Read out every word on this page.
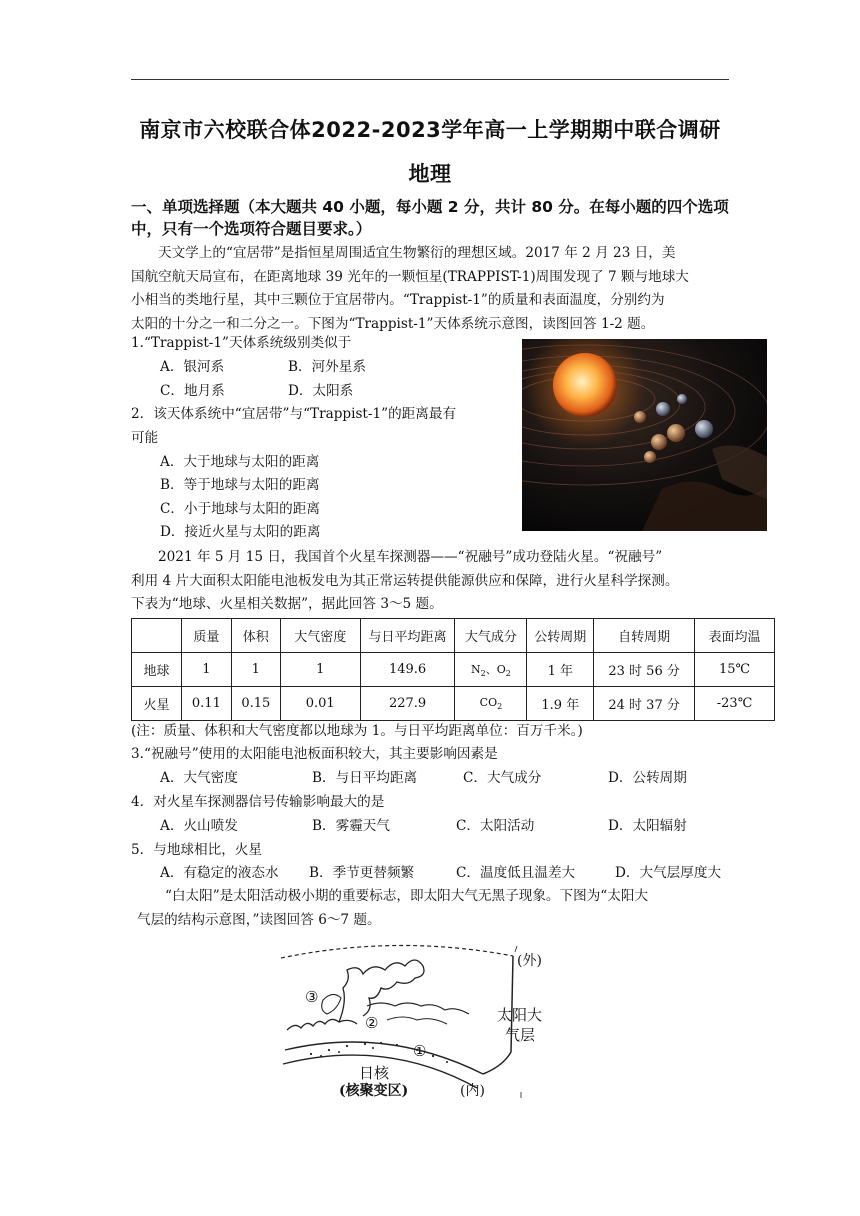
南京市六校联合体2022-2023学年高一上学期期中联合调研
地理
一、单项选择题（本大题共 40 小题，每小题 2 分，共计 80 分。在每小题的四个选项中，只有一个选项符合题目要求。）
天文学上的“宜居带”是指恒星周围适宜生物繁衍的理想区域。2017 年 2 月 23 日，美
国航空航天局宣布，在距离地球 39 光年的一颗恒星(TRAPPIST-1)周围发现了 7 颗与地球大
小相当的类地行星，其中三颗位于宜居带内。“Trappist-1”的质量和表面温度，分别约为
太阳的十分之一和二分之一。下图为“Trappist-1”天体系统示意图，读图回答 1-2 题。
1.“Trappist-1”天体系统级别类似于
A．银河系	B．河外星系
C．地月系	D．太阳系
2．该天体系统中“宜居带”与“Trappist-1”的距离最有
可能
A．大于地球与太阳的距离
B．等于地球与太阳的距离
C．小于地球与太阳的距离
D．接近火星与太阳的距离
2021 年 5 月 15 日，我国首个火星车探测器——“祝融号”成功登陆火星。“祝融号”
利用 4 片大面积太阳能电池板发电为其正常运转提供能源供应和保障，进行火星科学探测。
下表为“地球、火星相关数据”，据此回答 3～5 题。
	质量	体积	大气密度	与日平均距离	大气成分	公转周期	自转周期	表面均温
地球	1	1	1	149.6	$N_2$、$O_2$	1 年	23 时 56 分	15℃
火星	0.11	0.15	0.01	227.9	$CO_2$	1.9 年	24 时 37 分	-23℃
(注：质量、体积和大气密度都以地球为 1。与日平均距离单位：百万千米。)
3.“祝融号”使用的太阳能电池板面积较大，其主要影响因素是
A．大气密度	B．与日平均距离	C．大气成分	D．公转周期
4．对火星车探测器信号传输影响最大的是
A．火山喷发	B．雾霾天气	C．太阳活动	D．太阳辐射
5．与地球相比，火星
A．有稳定的液态水 B．季节更替频繁	C．温度低且温差大	D．大气层厚度大
“白太阳”是太阳活动极小期的重要标志，即太阳大气无黑子现象。下图为“太阳大
气层的结构示意图，”读图回答 6～7 题。
(外)
(内)
太阳大
气层
日核
(核聚变区)
①
②
③
